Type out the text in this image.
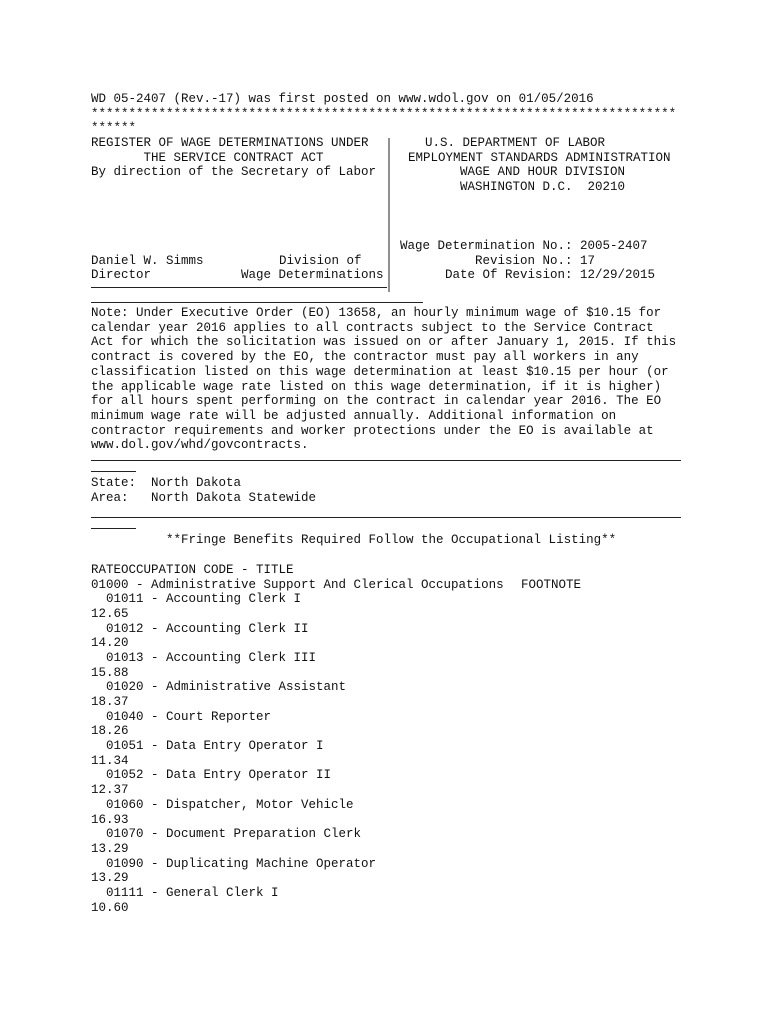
WD 05-2407 (Rev.-17) was first posted on www.wdol.gov on 01/05/2016
******************************************************************************
******
REGISTER OF WAGE DETERMINATIONS UNDER
THE SERVICE CONTRACT ACT
By direction of the Secretary of Labor
U.S. DEPARTMENT OF LABOR
EMPLOYMENT STANDARDS ADMINISTRATION
WAGE AND HOUR DIVISION
WASHINGTON D.C.  20210
Wage Determination No.: 2005-2407
Revision No.: 17
Date Of Revision: 12/29/2015
Daniel W. Simms
Director
Division of
Wage Determinations
Note: Under Executive Order (EO) 13658, an hourly minimum wage of $10.15 for
calendar year 2016 applies to all contracts subject to the Service Contract
Act for which the solicitation was issued on or after January 1, 2015. If this
contract is covered by the EO, the contractor must pay all workers in any
classification listed on this wage determination at least $10.15 per hour (or
the applicable wage rate listed on this wage determination, if it is higher)
for all hours spent performing on the contract in calendar year 2016. The EO
minimum wage rate will be adjusted annually. Additional information on
contractor requirements and worker protections under the EO is available at
www.dol.gov/whd/govcontracts.
State: North Dakota
Area: North Dakota Statewide
**Fringe Benefits Required Follow the Occupational Listing**

OCCUPATION CODE - TITLE

FOOTNOTE

RATE
01000 - Administrative Support And Clerical Occupations
01011 - Accounting Clerk I
12.65
01012 - Accounting Clerk II
14.20
01013 - Accounting Clerk III
15.88
01020 - Administrative Assistant
18.37
01040 - Court Reporter
18.26
01051 - Data Entry Operator I
11.34
01052 - Data Entry Operator II
12.37
01060 - Dispatcher, Motor Vehicle
16.93
01070 - Document Preparation Clerk
13.29
01090 - Duplicating Machine Operator
13.29
01111 - General Clerk I
10.60
